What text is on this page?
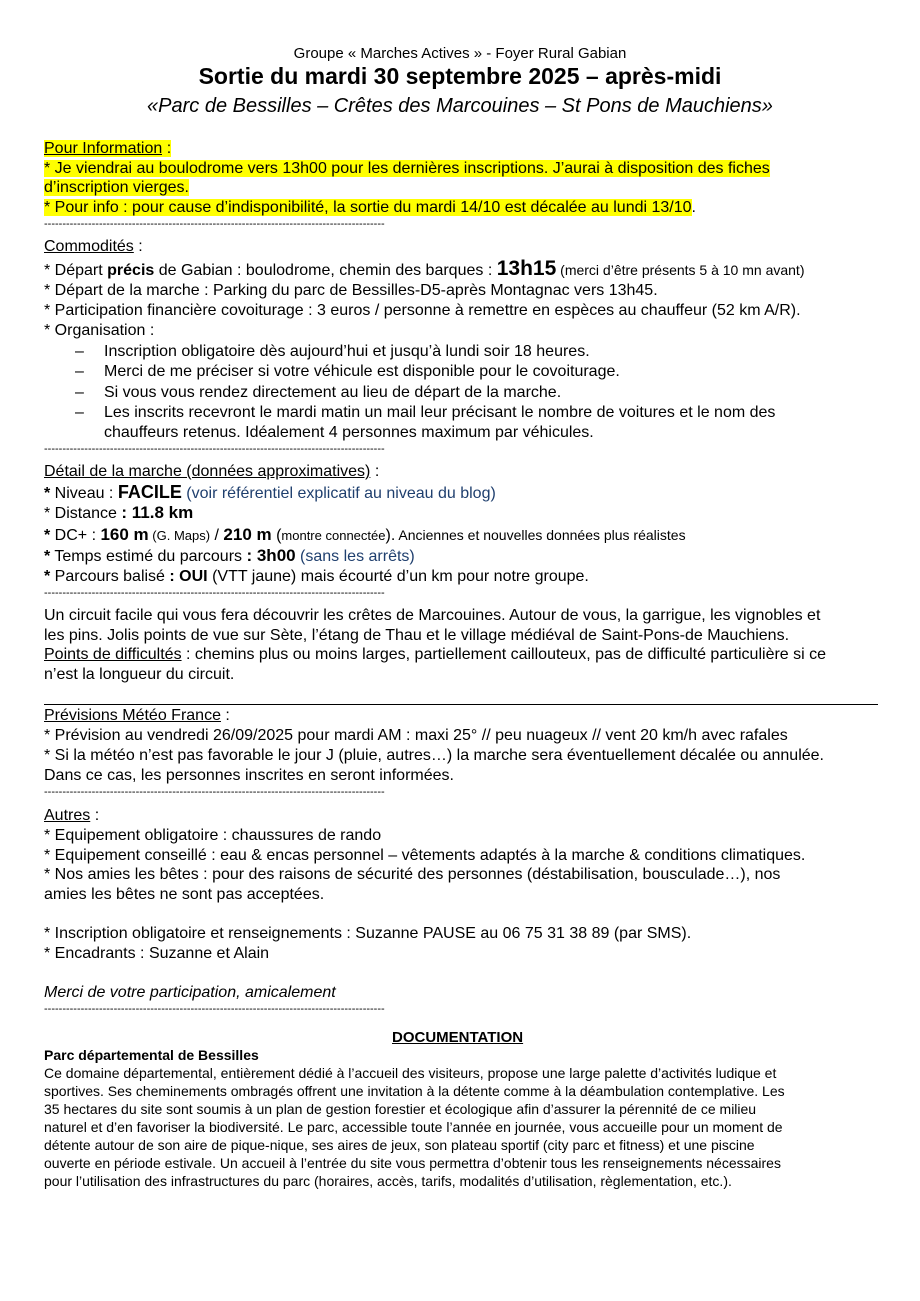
Groupe « Marches Actives » - Foyer Rural Gabian
Sortie du mardi 30 septembre 2025 – après-midi
«Parc de Bessilles – Crêtes des Marcouines – St Pons de Mauchiens»
Pour Information :
* Je viendrai au boulodrome vers 13h00 pour les dernières inscriptions. J’aurai à disposition des fiches
d’inscription vierges.
* Pour info : pour cause d’indisponibilité, la sortie du mardi 14/10 est décalée au lundi 13/10.
---------------------------------------------------------------------------------------------
Commodités :
* Départ précis de Gabian : boulodrome, chemin des barques : 13h15 (merci d’être présents 5 à 10 mn avant)
* Départ de la marche : Parking du parc de Bessilles-D5-après Montagnac vers 13h45.
* Participation financière covoiturage : 3 euros / personne à remettre en espèces au chauffeur (52 km A/R).
* Organisation :
– Inscription obligatoire dès aujourd’hui et jusqu’à lundi soir 18 heures.
– Merci de me préciser si votre véhicule est disponible pour le covoiturage.
– Si vous vous rendez directement au lieu de départ de la marche.
– Les inscrits recevront le mardi matin un mail leur précisant le nombre de voitures et le nom des
chauffeurs retenus. Idéalement 4 personnes maximum par véhicules.
---------------------------------------------------------------------------------------------
Détail de la marche (données approximatives) :
* Niveau : FACILE (voir référentiel explicatif au niveau du blog)
* Distance : 11.8 km
* DC+ : 160 m (G. Maps) / 210 m (montre connectée). Anciennes et nouvelles données plus réalistes
* Temps estimé du parcours : 3h00 (sans les arrêts)
* Parcours balisé : OUI (VTT jaune) mais écourté d’un km pour notre groupe.
---------------------------------------------------------------------------------------------
Un circuit facile qui vous fera découvrir les crêtes de Marcouines. Autour de vous, la garrigue, les vignobles et
les pins. Jolis points de vue sur Sète, l’étang de Thau et le village médiéval de Saint-Pons-de Mauchiens.
Points de difficultés : chemins plus ou moins larges, partiellement caillouteux, pas de difficulté particulière si ce
n’est la longueur du circuit.
Prévisions Météo France :
* Prévision au vendredi 26/09/2025 pour mardi AM : maxi 25° // peu nuageux // vent 20 km/h avec rafales
* Si la météo n’est pas favorable le jour J (pluie, autres…) la marche sera éventuellement décalée ou annulée.
Dans ce cas, les personnes inscrites en seront informées.
---------------------------------------------------------------------------------------------
Autres :
* Equipement obligatoire : chaussures de rando
* Equipement conseillé : eau & encas personnel – vêtements adaptés à la marche & conditions climatiques.
* Nos amies les bêtes : pour des raisons de sécurité des personnes (déstabilisation, bousculade…), nos
amies les bêtes ne sont pas acceptées.
* Inscription obligatoire et renseignements : Suzanne PAUSE au 06 75 31 38 89 (par SMS).
* Encadrants : Suzanne et Alain
Merci de votre participation, amicalement
---------------------------------------------------------------------------------------------
DOCUMENTATION
Parc départemental de Bessilles
Ce domaine départemental, entièrement dédié à l’accueil des visiteurs, propose une large palette d’activités ludique et
sportives. Ses cheminements ombragés offrent une invitation à la détente comme à la déambulation contemplative. Les
35 hectares du site sont soumis à un plan de gestion forestier et écologique afin d’assurer la pérennité de ce milieu
naturel et d’en favoriser la biodiversité. Le parc, accessible toute l’année en journée, vous accueille pour un moment de
détente autour de son aire de pique-nique, ses aires de jeux, son plateau sportif (city parc et fitness) et une piscine
ouverte en période estivale. Un accueil à l’entrée du site vous permettra d’obtenir tous les renseignements nécessaires
pour l’utilisation des infrastructures du parc (horaires, accès, tarifs, modalités d’utilisation, règlementation, etc.).
